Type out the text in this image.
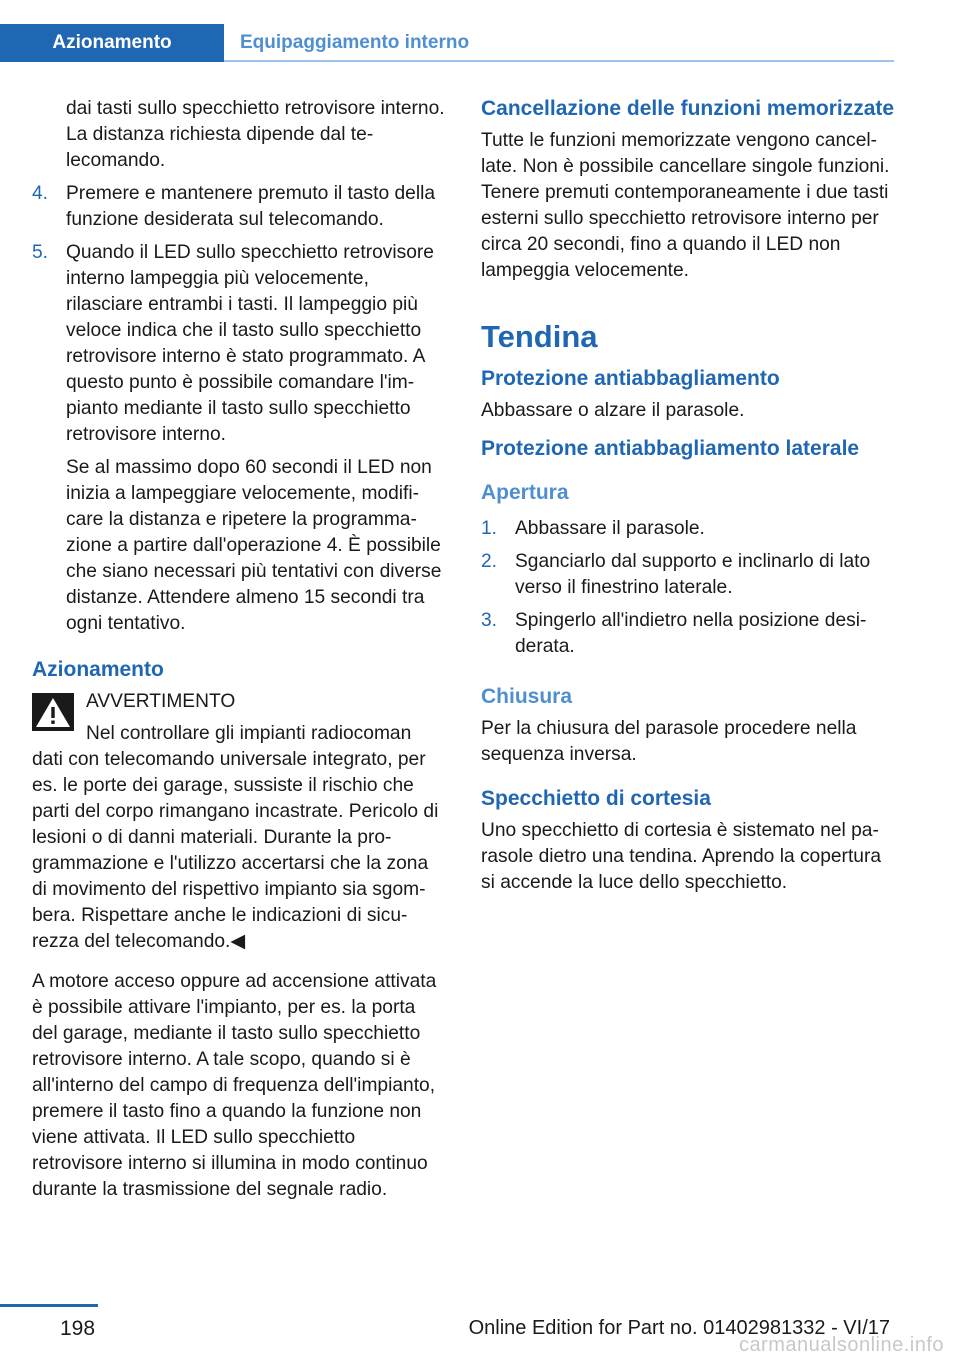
Azionamento	Equipaggiamento interno

dai tasti sullo specchietto retrovisore interno. La distanza richiesta dipende dal telecomando.

4. Premere e mantenere premuto il tasto della funzione desiderata sul telecomando.

5. Quando il LED sullo specchietto retrovisore interno lampeggia più velocemente, rilasciare entrambi i tasti. Il lampeggio più veloce indica che il tasto sullo specchietto retrovisore interno è stato programmato. A questo punto è possibile comandare l'impianto mediante il tasto sullo specchietto retrovisore interno.

Se al massimo dopo 60 secondi il LED non inizia a lampeggiare velocemente, modificare la distanza e ripetere la programmazione a partire dall'operazione 4. È possibile che siano necessari più tentativi con diverse distanze. Attendere almeno 15 secondi tra ogni tentativo.

Azionamento
AVVERTIMENTO

Nel controllare gli impianti radiocoman

dati con telecomando universale integrato, per es. le porte dei garage, sussiste il rischio che parti del corpo rimangano incastrate. Pericolo di lesioni o di danni materiali. Durante la programmazione e l'utilizzo accertarsi che la zona di movimento del rispettivo impianto sia sgombera. Rispettare anche le indicazioni di sicurezza del telecomando.◀

A motore acceso oppure ad accensione attivata è possibile attivare l'impianto, per es. la porta del garage, mediante il tasto sullo specchietto retrovisore interno. A tale scopo, quando si è all'interno del campo di frequenza dell'impianto, premere il tasto fino a quando la funzione non viene attivata. Il LED sullo specchietto retrovisore interno si illumina in modo continuo durante la trasmissione del segnale radio.

Cancellazione delle funzioni memorizzate

Tutte le funzioni memorizzate vengono cancellate. Non è possibile cancellare singole funzioni. Tenere premuti contemporaneamente i due tasti esterni sullo specchietto retrovisore interno per circa 20 secondi, fino a quando il LED non lampeggia velocemente.

Tendina
Protezione antiabbagliamento

Abbassare o alzare il parasole.

Protezione antiabbagliamento laterale
Apertura
1. Abbassare il parasole.

2. Sganciarlo dal supporto e inclinarlo di lato verso il finestrino laterale.

3. Spingerlo all'indietro nella posizione desiderata.

Chiusura

Per la chiusura del parasole procedere nella sequenza inversa.

Specchietto di cortesia

Uno specchietto di cortesia è sistemato nel parasole dietro una tendina. Aprendo la copertura si accende la luce dello specchietto.

198	Online Edition for Part no. 01402981332 - VI/17
carmanualsonline.info
